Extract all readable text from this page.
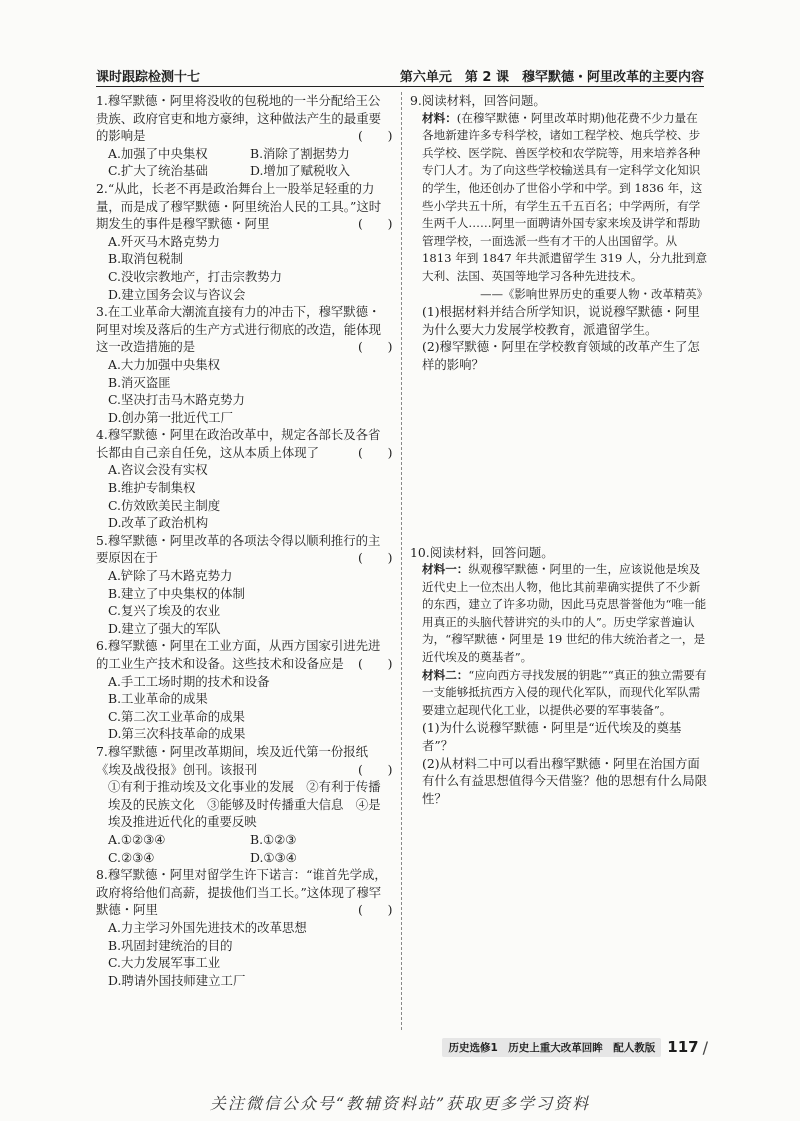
课时跟踪检测十七	第六单元　第 2 课　穆罕默德・阿里改革的主要内容

1.穆罕默德・阿里将没收的包税地的一半分配给王公贵族、政府官吏和地方豪绅，这种做法产生的最重要的影响是	(　　)

A.加强了中央集权	B.消除了割据势力
C.扩大了统治基础	D.增加了赋税收入

2.“从此，长老不再是政治舞台上一股举足轻重的力量，而是成了穆罕默德・阿里统治人民的工具。”这时期发生的事件是穆罕默德・阿里	(　　)

A.歼灭马木路克势力
B.取消包税制
C.没收宗教地产，打击宗教势力
D.建立国务会议与咨议会

3.在工业革命大潮流直接有力的冲击下，穆罕默德・阿里对埃及落后的生产方式进行彻底的改造，能体现这一改造措施的是	(　　)

A.大力加强中央集权
B.消灭盗匪
C.坚决打击马木路克势力
D.创办第一批近代工厂

4.穆罕默德・阿里在政治改革中，规定各部长及各省长都由自己亲自任免，这从本质上体现了	(　　)

A.咨议会没有实权
B.维护专制集权
C.仿效欧美民主制度
D.改革了政治机构

5.穆罕默德・阿里改革的各项法令得以顺利推行的主要原因在于	(　　)

A.铲除了马木路克势力
B.建立了中央集权的体制
C.复兴了埃及的农业
D.建立了强大的军队

6.穆罕默德・阿里在工业方面，从西方国家引进先进的工业生产技术和设备。这些技术和设备应是 (　　)

A.手工工场时期的技术和设备
B.工业革命的成果
C.第二次工业革命的成果
D.第三次科技革命的成果

7.穆罕默德・阿里改革期间，埃及近代第一份报纸《埃及战役报》创刊。该报刊	(　　)

①有利于推动埃及文化事业的发展　②有利于传播埃及的民族文化　③能够及时传播重大信息　④是埃及推进近代化的重要反映
A.①②③④	B.①②③
C.②③④	D.①③④

8.穆罕默德・阿里对留学生许下诺言：“谁首先学成，政府将给他们高薪，提拔他们当工长。”这体现了穆罕默德・阿里	(　　)

A.力主学习外国先进技术的改革思想
B.巩固封建统治的目的
C.大力发展军事工业
D.聘请外国技师建立工厂

9.阅读材料，回答问题。

材料：(在穆罕默德・阿里改革时期)他花费不少力量在各地新建许多专科学校，诸如工程学校、炮兵学校、步兵学校、医学院、兽医学校和农学院等，用来培养各种专门人才。为了向这些学校输送具有一定科学文化知识的学生，他还创办了世俗小学和中学。到 1836 年，这些小学共五十所，有学生五千五百名；中学两所，有学生两千人……阿里一面聘请外国专家来埃及讲学和帮助管理学校，一面选派一些有才干的人出国留学。从 1813 年到 1847 年共派遣留学生 319 人，分九批到意大利、法国、英国等地学习各种先进技术。
——《影响世界历史的重要人物・改革精英》
(1)根据材料并结合所学知识，说说穆罕默德・阿里为什么要大力发展学校教育，派遣留学生。
(2)穆罕默德・阿里在学校教育领域的改革产生了怎样的影响？

10.阅读材料，回答问题。

材料一：纵观穆罕默德・阿里的一生，应该说他是埃及近代史上一位杰出人物，他比其前辈确实提供了不少新的东西，建立了许多功勋，因此马克思誉誉他为“唯一能用真正的头脑代替讲究的头巾的人”。历史学家普遍认为，“穆罕默德・阿里是 19 世纪的伟大统治者之一，是近代埃及的奠基者”。
材料二：“应向西方寻找发展的钥匙”“真正的独立需要有一支能够抵抗西方入侵的现代化军队，而现代化军队需要建立起现代化工业，以提供必要的军事装备”。
(1)为什么说穆罕默德・阿里是“近代埃及的奠基者”？
(2)从材料二中可以看出穆罕默德・阿里在治国方面有什么有益思想值得今天借鉴？他的思想有什么局限性？
历史选修1　历史上重大改革回眸　配人教版 117 /
关注微信公众号“教辅资料站”获取更多学习资料
